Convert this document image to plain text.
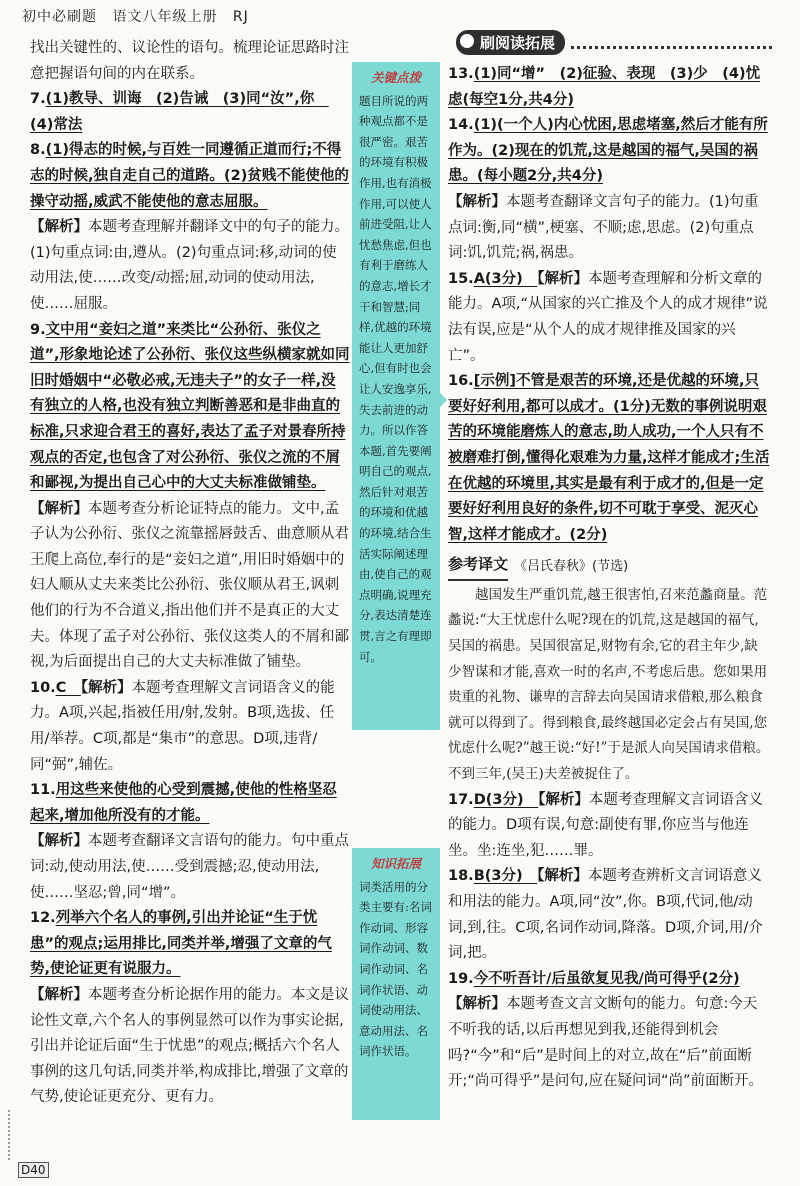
初中必刷题 语文八年级上册 RJ

找出关键性的、议论性的语句。梳理论证思路时注意把握语句间的内在联系。

7.(1)教导、训诲　(2)告诫　(3)同“汝”,你　(4)常法

8.(1)得志的时候,与百姓一同遵循正道而行;不得志的时候,独自走自己的道路。(2)贫贱不能使他的操守动摇,威武不能使他的意志屈服。

【解析】本题考查理解并翻译文中的句子的能力。(1)句重点词:由,遵从。(2)句重点词:移,动词的使动用法,使……改变/动摇;屈,动词的使动用法,使……屈服。

9.文中用“妾妇之道”来类比“公孙衍、张仪之道”,形象地论述了公孙衍、张仪这些纵横家就如同旧时婚姻中“必敬必戒,无违夫子”的女子一样,没有独立的人格,也没有独立判断善恶和是非曲直的标准,只求迎合君王的喜好,表达了孟子对景春所持观点的否定,也包含了对公孙衍、张仪之流的不屑和鄙视,为提出自己心中的大丈夫标准做铺垫。

【解析】本题考查分析论证特点的能力。文中,孟子认为公孙衍、张仪之流靠摇唇鼓舌、曲意顺从君王爬上高位,奉行的是“妾妇之道”,用旧时婚姻中的妇人顺从丈夫来类比公孙衍、张仪顺从君王,讽刺他们的行为不合道义,指出他们并不是真正的大丈夫。体现了孟子对公孙衍、张仪这类人的不屑和鄙视,为后面提出自己的大丈夫标准做了铺垫。

10.C　【解析】本题考查理解文言词语含义的能力。A项,兴起,指被任用/射,发射。B项,选拔、任用/举荐。C项,都是“集市”的意思。D项,违背/同“弼”,辅佐。

11.用这些来使他的心受到震撼,使他的性格坚忍起来,增加他所没有的才能。

【解析】本题考查翻译文言语句的能力。句中重点词:动,使动用法,使……受到震撼;忍,使动用法,使……坚忍;曾,同“增”。

12.列举六个名人的事例,引出并论证“生于忧患”的观点;运用排比,同类并举,增强了文章的气势,使论证更有说服力。

【解析】本题考查分析论据作用的能力。本文是议论性文章,六个名人的事例显然可以作为事实论据,引出并论证后面“生于忧患”的观点;概括六个名人事例的这几句话,同类并举,构成排比,增强了文章的气势,使论证更充分、更有力。

关键点拨
题目所说的两种观点都不是很严密。艰苦的环境有积极作用,也有消极作用,可以使人前进受阻,让人忧愁焦虑,但也有利于磨练人的意志,增长才干和智慧;同样,优越的环境能让人更加舒心,但有时也会让人安逸享乐,失去前进的动力。所以作答本题,首先要阐明自己的观点,然后针对艰苦的环境和优越的环境,结合生活实际阐述理由,使自己的观点明确,说理充分,表达清楚连贯,言之有理即可。
知识拓展
词类活用的分类主要有:名词作动词、形容词作动词、数词作动词、名词作状语、动词使动用法、意动用法、名词作状语。
刷阅读拓展

13.(1)同“增”　(2)征验、表现　(3)少　(4)忧虑(每空1分,共4分)

14.(1)(一个人)内心忧困,思虑堵塞,然后才能有所作为。(2)现在的饥荒,这是越国的福气,吴国的祸患。(每小题2分,共4分)

【解析】本题考查翻译文言句子的能力。(1)句重点词:衡,同“横”,梗塞、不顺;虑,思虑。(2)句重点词:饥,饥荒;祸,祸患。

15.A(3分)　【解析】本题考查理解和分析文章的能力。A项,“从国家的兴亡推及个人的成才规律”说法有误,应是“从个人的成才规律推及国家的兴亡”。

16.[示例]不管是艰苦的环境,还是优越的环境,只要好好利用,都可以成才。(1分)无数的事例说明艰苦的环境能磨炼人的意志,助人成功,一个人只有不被磨难打倒,懂得化艰难为力量,这样才能成才;生活在优越的环境里,其实是最有利于成才的,但是一定要好好利用良好的条件,切不可耽于享受、泥灭心智,这样才能成才。(2分)

参考译文 《吕氏春秋》(节选)

越国发生严重饥荒,越王很害怕,召来范蠡商量。范蠡说:“大王忧虑什么呢?现在的饥荒,这是越国的福气,吴国的祸患。吴国很富足,财物有余,它的君主年少,缺少智谋和才能,喜欢一时的名声,不考虑后患。您如果用贵重的礼物、谦卑的言辞去向吴国请求借粮,那么粮食就可以得到了。得到粮食,最终越国必定会占有吴国,您忧虑什么呢?”越王说:“好!”于是派人向吴国请求借粮。不到三年,(吴王)夫差被捉住了。

17.D(3分)　【解析】本题考查理解文言词语含义的能力。D项有误,句意:副使有罪,你应当与他连坐。坐:连坐,犯……罪。

18.B(3分)　【解析】本题考查辨析文言词语意义和用法的能力。A项,同“汝”,你。B项,代词,他/动词,到,往。C项,名词作动词,降落。D项,介词,用/介词,把。

19.今不听吾计/后虽欲复见我/尚可得乎(2分)

【解析】本题考查文言文断句的能力。句意:今天不听我的话,以后再想见到我,还能得到机会吗?“今”和“后”是时间上的对立,故在“后”前面断开;“尚可得乎”是问句,应在疑问词“尚”前面断开。

D40
